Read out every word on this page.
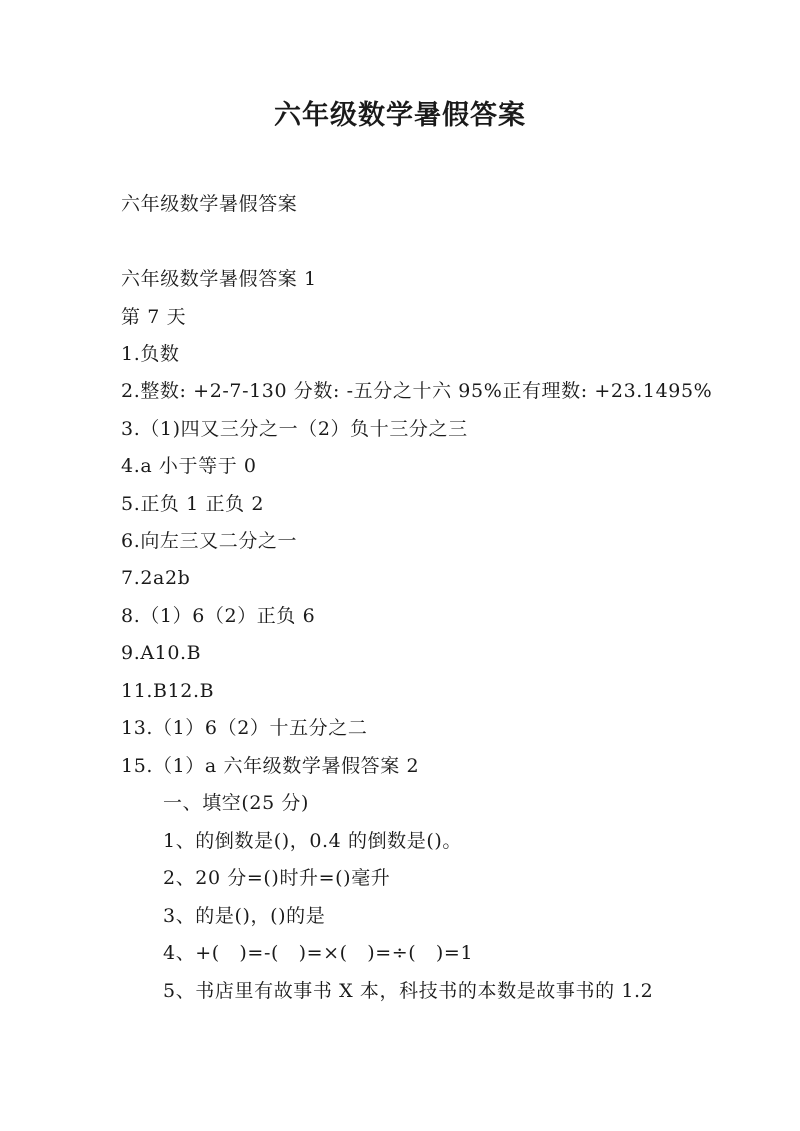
六年级数学暑假答案
六年级数学暑假答案
六年级数学暑假答案 1
第 7 天
1.负数
2.整数: +2-7-130 分数: -五分之十六 95%正有理数: +23.1495%
3.（1)四又三分之一（2）负十三分之三
4.a 小于等于 0
5.正负 1 正负 2
6.向左三又二分之一
7.2a2b
8.（1）6（2）正负 6
9.A10.B
11.B12.B
13.（1）6（2）十五分之二
15.（1）a 六年级数学暑假答案 2
一、填空(25 分)
1、的倒数是()，0.4 的倒数是()。
2、20 分=()时升=()毫升
3、的是()，()的是
4、+(　)=-(　)=×(　)=÷(　)=1
5、书店里有故事书 X 本，科技书的本数是故事书的 1.2
